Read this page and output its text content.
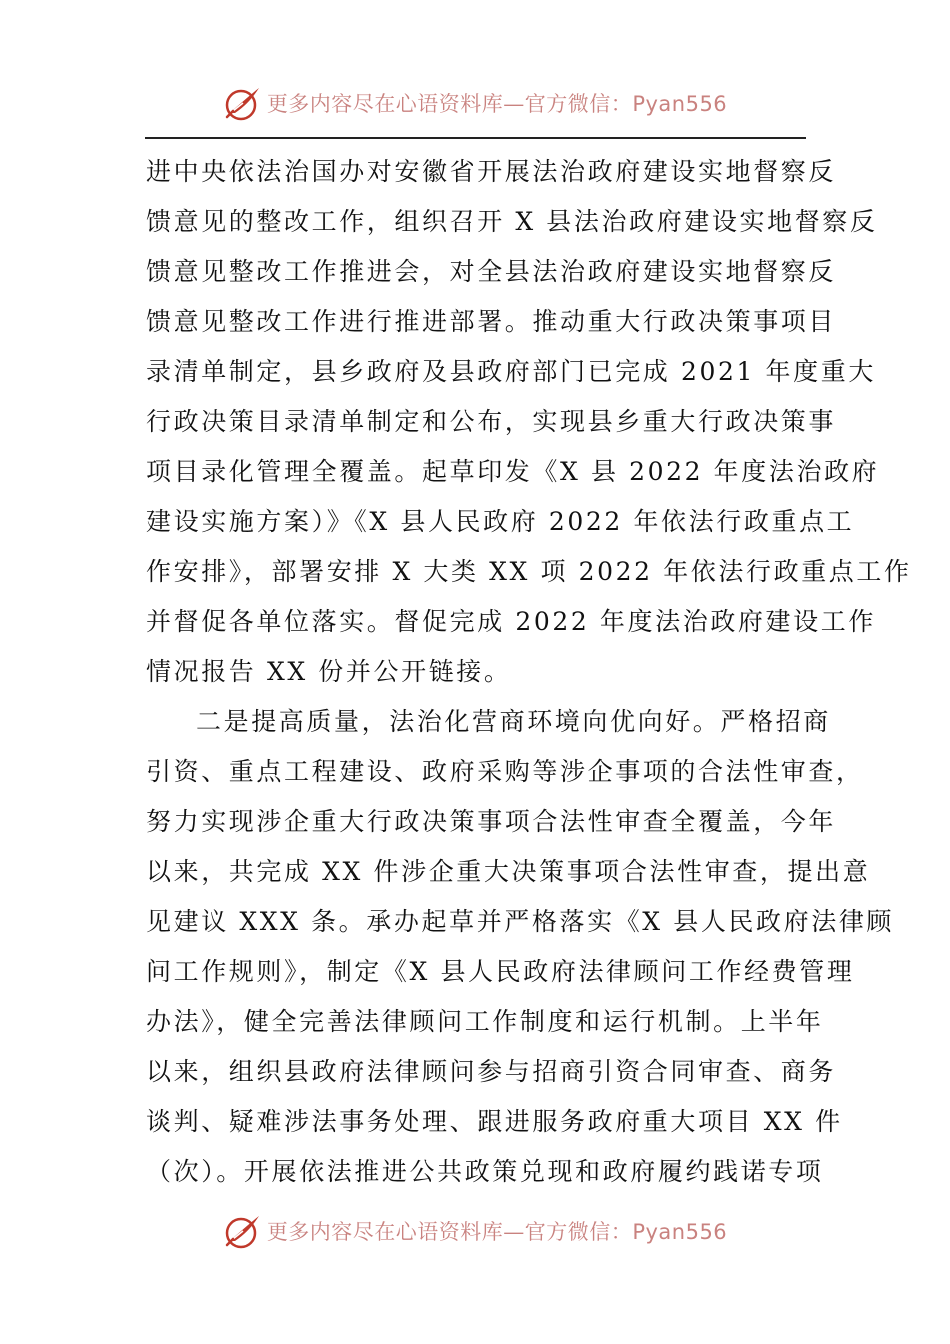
更多内容尽在心语资料库—官方微信：Pyan556
进中央依法治国办对安徽省开展法治政府建设实地督察反
馈意见的整改工作，组织召开 X 县法治政府建设实地督察反
馈意见整改工作推进会，对全县法治政府建设实地督察反
馈意见整改工作进行推进部署。推动重大行政决策事项目
录清单制定，县乡政府及县政府部门已完成 2021 年度重大
行政决策目录清单制定和公布，实现县乡重大行政决策事
项目录化管理全覆盖。起草印发《X 县 2022 年度法治政府
建设实施方案）》《X 县人民政府 2022 年依法行政重点工
作安排》，部署安排 X 大类 XX 项 2022 年依法行政重点工作
并督促各单位落实。督促完成 2022 年度法治政府建设工作
情况报告 XX 份并公开链接。
二是提高质量，法治化营商环境向优向好。严格招商
引资、重点工程建设、政府采购等涉企事项的合法性审查，
努力实现涉企重大行政决策事项合法性审查全覆盖，今年
以来，共完成 XX 件涉企重大决策事项合法性审查，提出意
见建议 XXX 条。承办起草并严格落实《X 县人民政府法律顾
问工作规则》，制定《X 县人民政府法律顾问工作经费管理
办法》，健全完善法律顾问工作制度和运行机制。上半年
以来，组织县政府法律顾问参与招商引资合同审查、商务
谈判、疑难涉法事务处理、跟进服务政府重大项目 XX 件
（次）。开展依法推进公共政策兑现和政府履约践诺专项
更多内容尽在心语资料库—官方微信：Pyan556
